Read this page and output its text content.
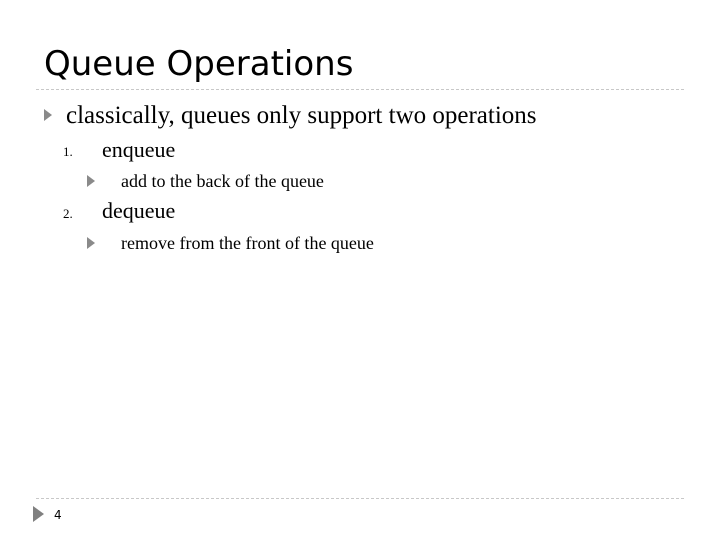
Queue Operations
classically, queues only support two operations
1. enqueue
add to the back of the queue
2. dequeue
remove from the front of the queue
4
